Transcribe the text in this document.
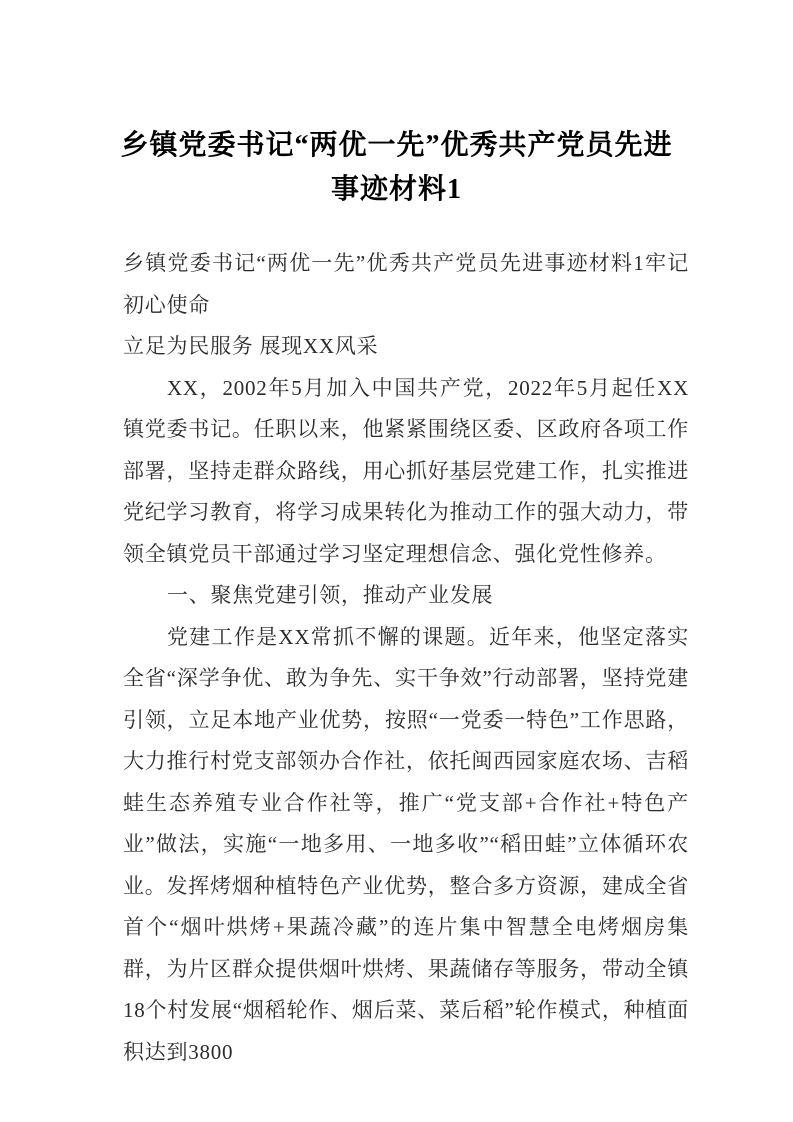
乡镇党委书记“两优一先”优秀共产党员先进事迹材料1

乡镇党委书记“两优一先”优秀共产党员先进事迹材料1牢记初心使命

立足为民服务 展现XX风采

XX，2002年5月加入中国共产党，2022年5月起任XX镇党委书记。任职以来，他紧紧围绕区委、区政府各项工作部署，坚持走群众路线，用心抓好基层党建工作，扎实推进党纪学习教育，将学习成果转化为推动工作的强大动力，带领全镇党员干部通过学习坚定理想信念、强化党性修养。

一、聚焦党建引领，推动产业发展

党建工作是XX常抓不懈的课题。近年来，他坚定落实全省“深学争优、敢为争先、实干争效”行动部署，坚持党建引领，立足本地产业优势，按照“一党委一特色”工作思路，大力推行村党支部领办合作社，依托闽西园家庭农场、吉稻蛙生态养殖专业合作社等，推广“党支部+合作社+特色产业”做法，实施“一地多用、一地多收”“稻田蛙”立体循环农业。发挥烤烟种植特色产业优势，整合多方资源，建成全省首个“烟叶烘烤+果蔬冷藏”的连片集中智慧全电烤烟房集群，为片区群众提供烟叶烘烤、果蔬储存等服务，带动全镇18个村发展“烟稻轮作、烟后菜、菜后稻”轮作模式，种植面积达到3800
